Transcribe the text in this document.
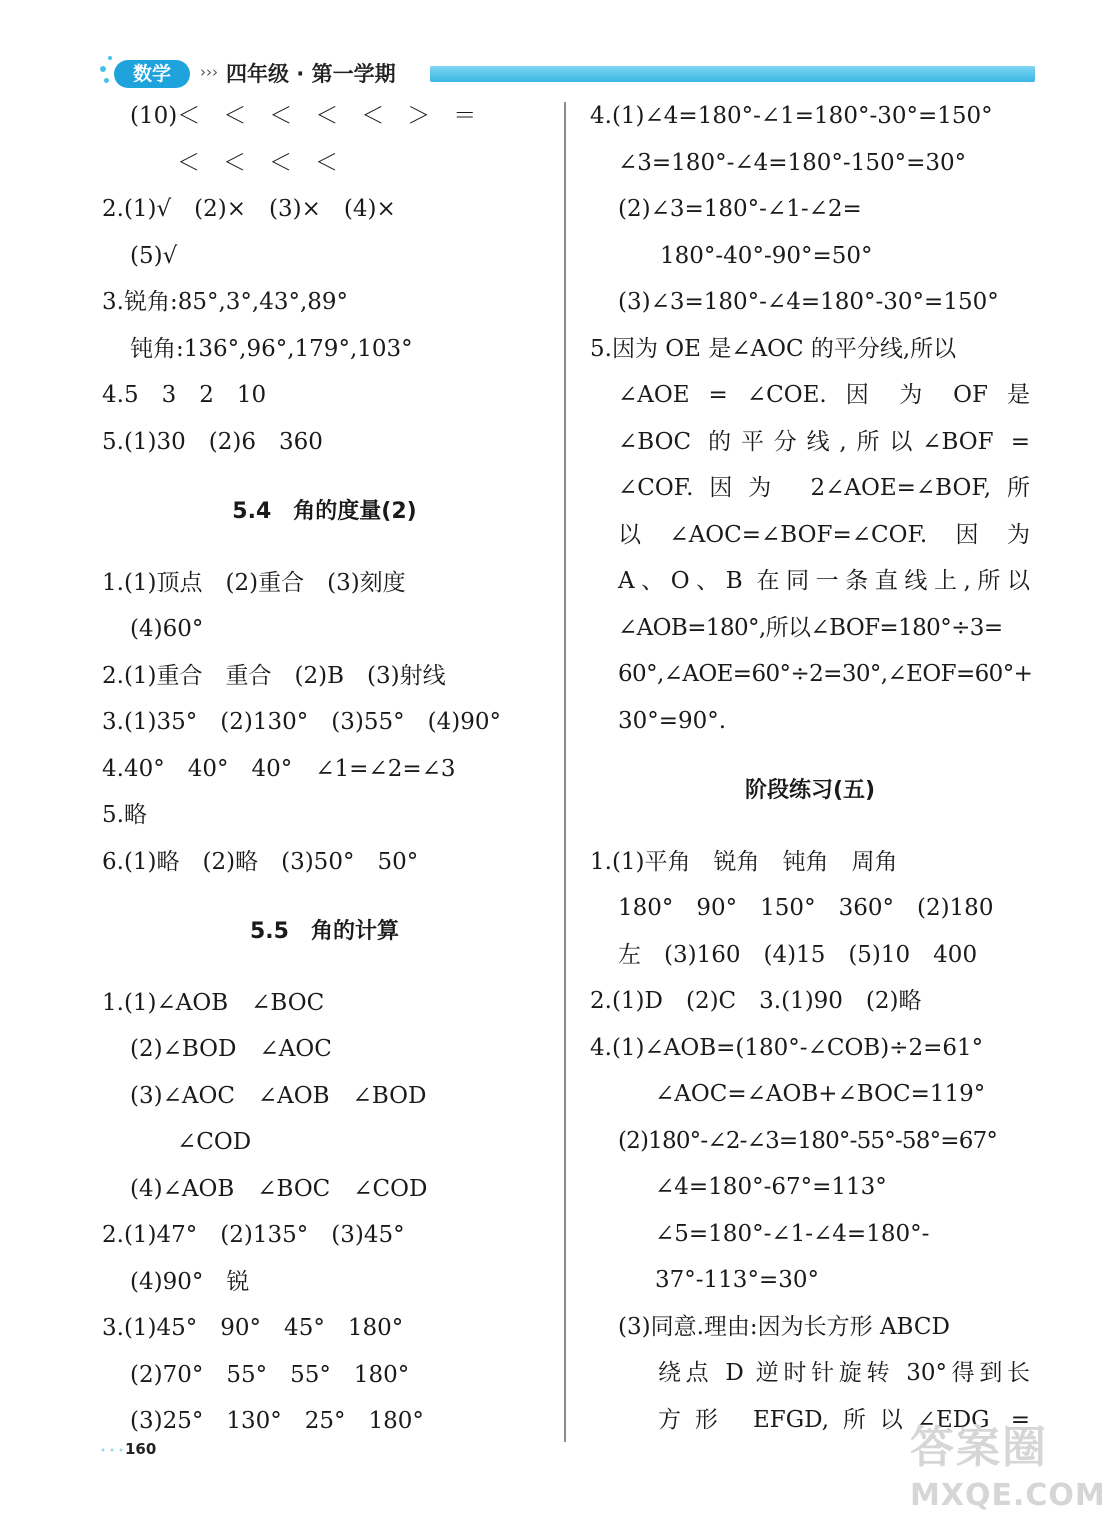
数学	››› 四年级 · 第一学期
(10)＜　＜　＜　＜　＜　＞　＝
＜　＜　＜　＜
2.(1)√　(2)×　(3)×　(4)×
(5)√
3.锐角:85°,3°,43°,89°
钝角:136°,96°,179°,103°
4.5　3　2　10
5.(1)30　(2)6　360
5.4　角的度量(2)
1.(1)顶点　(2)重合　(3)刻度
(4)60°
2.(1)重合　重合　(2)B　(3)射线
3.(1)35°　(2)130°　(3)55°　(4)90°
4.40°　40°　40°　∠1=∠2=∠3
5.略
6.(1)略　(2)略　(3)50°　50°
5.5　角的计算
1.(1)∠AOB　∠BOC
(2)∠BOD　∠AOC
(3)∠AOC　∠AOB　∠BOD
∠COD
(4)∠AOB　∠BOC　∠COD
2.(1)47°　(2)135°　(3)45°
(4)90°　锐
3.(1)45°　90°　45°　180°
(2)70°　55°　55°　180°
(3)25°　130°　25°　180°
4.(1)∠4=180°-∠1=180°-30°=150°
∠3=180°-∠4=180°-150°=30°
(2)∠3=180°-∠1-∠2=
180°-40°-90°=50°
(3)∠3=180°-∠4=180°-30°=150°
5.因为 OE 是∠AOC 的平分线,所以
∠AOE = ∠COE. 因 为 OF 是
∠BOC 的平分线,所以∠BOF =
∠COF.因为 2∠AOE=∠BOF,所
以∠AOC=∠BOF=∠COF.因为
A、O、B 在同一条直线上,所以
∠AOB=180°,所以∠BOF=180°÷3=
60°,∠AOE=60°÷2=30°,∠EOF=60°+
30°=90°.
阶段练习(五)
1.(1)平角　锐角　钝角　周角
180°　90°　150°　360°　(2)180
左　(3)160　(4)15　(5)10　400
2.(1)D　(2)C　3.(1)90　(2)略
4.(1)∠AOB=(180°-∠COB)÷2=61°
∠AOC=∠AOB+∠BOC=119°
(2)180°-∠2-∠3=180°-55°-58°=67°
∠4=180°-67°=113°
∠5=180°-∠1-∠4=180°-
37°-113°=30°
(3)同意.理由:因为长方形 ABCD
绕点 D 逆时针旋转 30°得到长
方形 EFGD,所以∠EDG =
• • • 160	答案圈
MXQE.COM
